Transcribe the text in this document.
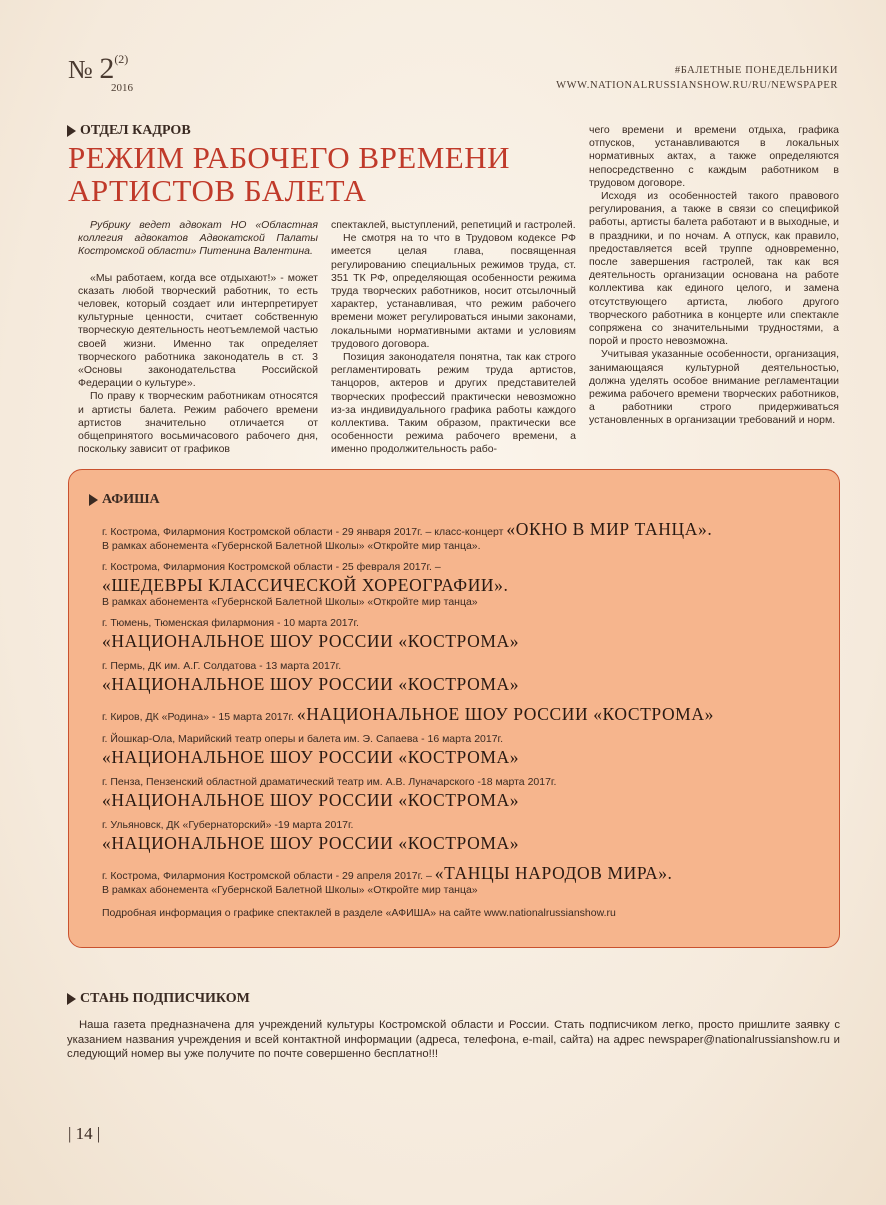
№ 2$^{(2)}$
2016
#БАЛЕТНЫЕ ПОНЕДЕЛЬНИКИ
WWW.NATIONALRUSSIANSHOW.RU/RU/NEWSPAPER
ОТДЕЛ КАДРОВ
РЕЖИМ РАБОЧЕГО ВРЕМЕНИ
АРТИСТОВ БАЛЕТА

Рубрику ведет адвокат НО «Областная коллегия адвокатов Адвокатской Палаты Костромской области» Питенина Валентина.

«Мы работаем, когда все отдыхают!» - может сказать любой творческий работник, то есть человек, который создает или интерпретирует культурные ценности, считает собственную творческую деятельность неотъемлемой частью своей жизни. Именно так определяет творческого работника законодатель в ст. 3 «Основы законодательства Российской Федерации о культуре».

По праву к творческим работникам относятся и артисты балета. Режим рабочего времени артистов значительно отличается от общепринятого восьмичасового рабочего дня, поскольку зависит от графиков

спектаклей, выступлений, репетиций и гастролей.

Не смотря на то что в Трудовом кодексе РФ имеется целая глава, посвященная регулированию специальных режимов труда, ст. 351 ТК РФ, определяющая особенности режима труда творческих работников, носит отсылочный характер, устанавливая, что режим рабочего времени может регулироваться иными законами, локальными нормативными актами и условиям трудового договора.

Позиция законодателя понятна, так как строго регламентировать режим труда артистов, танцоров, актеров и других представителей творческих профессий практически невозможно из-за индивидуального графика работы каждого коллектива. Таким образом, практически все особенности режима рабочего времени, а именно продолжительность рабо-

чего времени и времени отдыха, графика отпусков, устанавливаются в локальных нормативных актах, а также определяются непосредственно с каждым работником в трудовом договоре.

Исходя из особенностей такого правового регулирования, а также в связи со спецификой работы, артисты балета работают и в выходные, и в праздники, и по ночам. А отпуск, как правило, предоставляется всей труппе одновременно, после завершения гастролей, так как вся деятельность организации основана на работе коллектива как единого целого, и замена отсутствующего артиста, любого другого творческого работника в концерте или спектакле сопряжена со значительными трудностями, а порой и просто невозможна.

Учитывая указанные особенности, организация, занимающаяся культурной деятельностью, должна уделять особое внимание регламентации режима рабочего времени творческих работников, а работники строго придерживаться установленных в организации требований и норм.

АФИША
г. Кострома, Филармония Костромской области - 29 января 2017г. – класс-концерт «ОКНО В МИР ТАНЦА».
В рамках абонемента «Губернской Балетной Школы» «Откройте мир танца».
г. Кострома, Филармония Костромской области - 25 февраля 2017г. –
«ШЕДЕВРЫ КЛАССИЧЕСКОЙ ХОРЕОГРАФИИ».
В рамках абонемента «Губернской Балетной Школы» «Откройте мир танца»
г. Тюмень, Тюменская филармония - 10 марта 2017г.
«НАЦИОНАЛЬНОЕ ШОУ РОССИИ «КОСТРОМА»
г. Пермь, ДК им. А.Г. Солдатова - 13 марта 2017г.
«НАЦИОНАЛЬНОЕ ШОУ РОССИИ «КОСТРОМА»
г. Киров, ДК «Родина» - 15 марта 2017г. «НАЦИОНАЛЬНОЕ ШОУ РОССИИ «КОСТРОМА»
г. Йошкар-Ола, Марийский театр оперы и балета им. Э. Сапаева - 16 марта 2017г.
«НАЦИОНАЛЬНОЕ ШОУ РОССИИ «КОСТРОМА»
г. Пенза, Пензенский областной драматический театр им. А.В. Луначарского -18 марта 2017г.
«НАЦИОНАЛЬНОЕ ШОУ РОССИИ «КОСТРОМА»
г. Ульяновск, ДК «Губернаторский» -19 марта 2017г.
«НАЦИОНАЛЬНОЕ ШОУ РОССИИ «КОСТРОМА»
г. Кострома, Филармония Костромской области - 29 апреля 2017г. – «ТАНЦЫ НАРОДОВ МИРА».
В рамках абонемента «Губернской Балетной Школы» «Откройте мир танца»
Подробная информация о графике спектаклей в разделе «АФИША» на сайте www.nationalrussianshow.ru
СТАНЬ ПОДПИСЧИКОМ
Наша газета предназначена для учреждений культуры Костромской области и России. Стать подписчиком легко, просто пришлите заявку с указанием названия учреждения и всей контактной информации (адреса, телефона, e-mail, сайта) на адрес newspaper@nationalrussianshow.ru и следующий номер вы уже получите по почте совершенно бесплатно!!!
| 14 |
